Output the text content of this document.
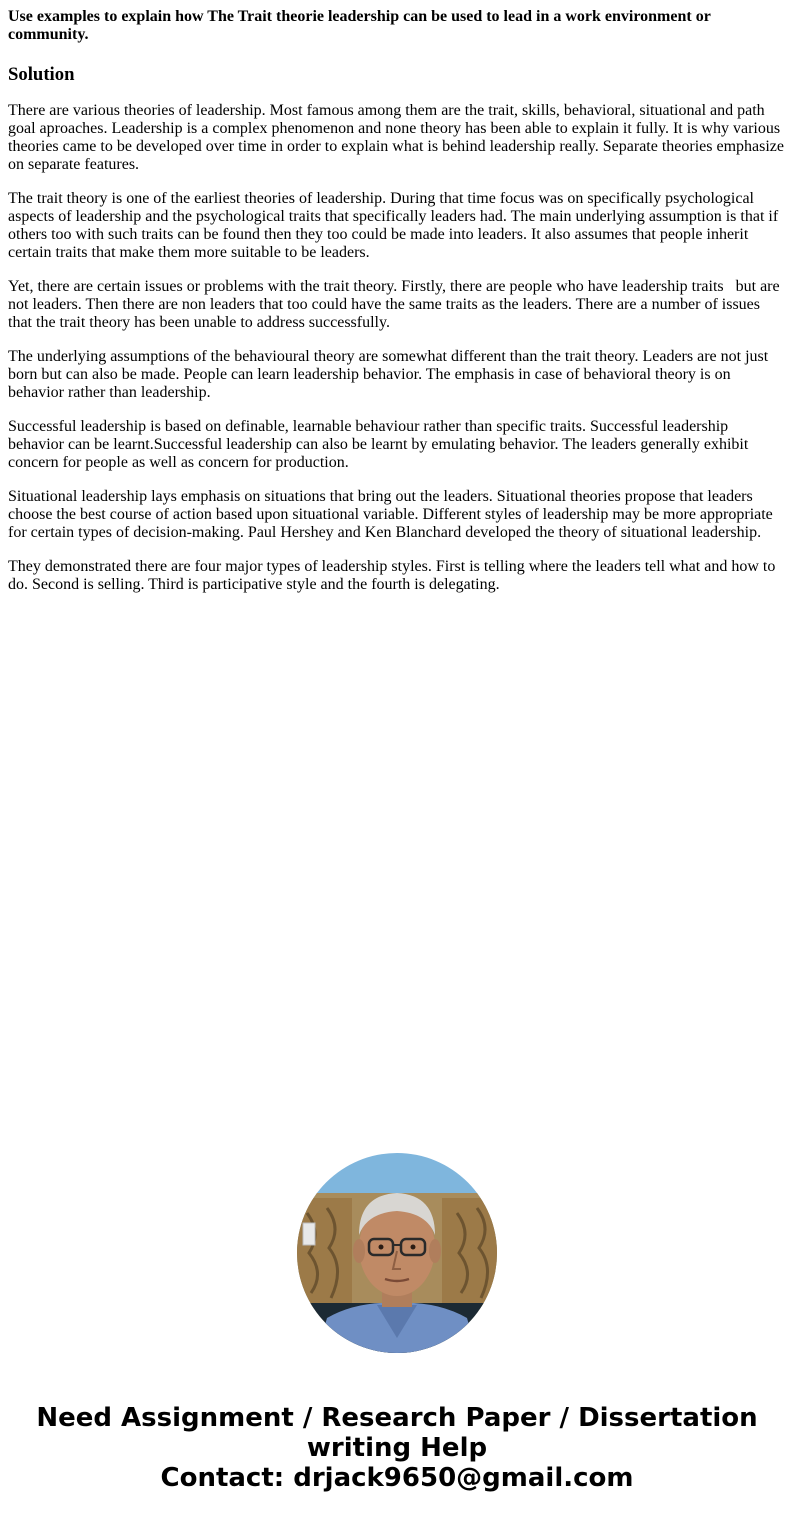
Use examples to explain how The Trait theorie leadership can be used to lead in a work environment or community.
Solution

There are various theories of leadership. Most famous among them are the trait, skills, behavioral, situational and path goal aproaches. Leadership is a complex phenomenon and none theory has been able to explain it fully. It is why various theories came to be developed over time in order to explain what is behind leadership really. Separate theories emphasize on separate features.

The trait theory is one of the earliest theories of leadership. During that time focus was on specifically psychological aspects of leadership and the psychological traits that specifically leaders had. The main underlying assumption is that if others too with such traits can be found then they too could be made into leaders. It also assumes that people inherit certain traits that make them more suitable to be leaders.

Yet, there are certain issues or problems with the trait theory. Firstly, there are people who have leadership traits   but are not leaders. Then there are non leaders that too could have the same traits as the leaders. There are a number of issues that the trait theory has been unable to address successfully.

The underlying assumptions of the behavioural theory are somewhat different than the trait theory. Leaders are not just born but can also be made. People can learn leadership behavior. The emphasis in case of behavioral theory is on behavior rather than leadership.

Successful leadership is based on definable, learnable behaviour rather than specific traits. Successful leadership behavior can be learnt.Successful leadership can also be learnt by emulating behavior. The leaders generally exhibit concern for people as well as concern for production.

Situational leadership lays emphasis on situations that bring out the leaders. Situational theories propose that leaders choose the best course of action based upon situational variable. Different styles of leadership may be more appropriate for certain types of decision-making. Paul Hershey and Ken Blanchard developed the theory of situational leadership.

They demonstrated there are four major types of leadership styles. First is telling where the leaders tell what and how to do. Second is selling. Third is participative style and the fourth is delegating.

Need Assignment / Research Paper / Dissertation
writing Help
Contact: drjack9650@gmail.com
